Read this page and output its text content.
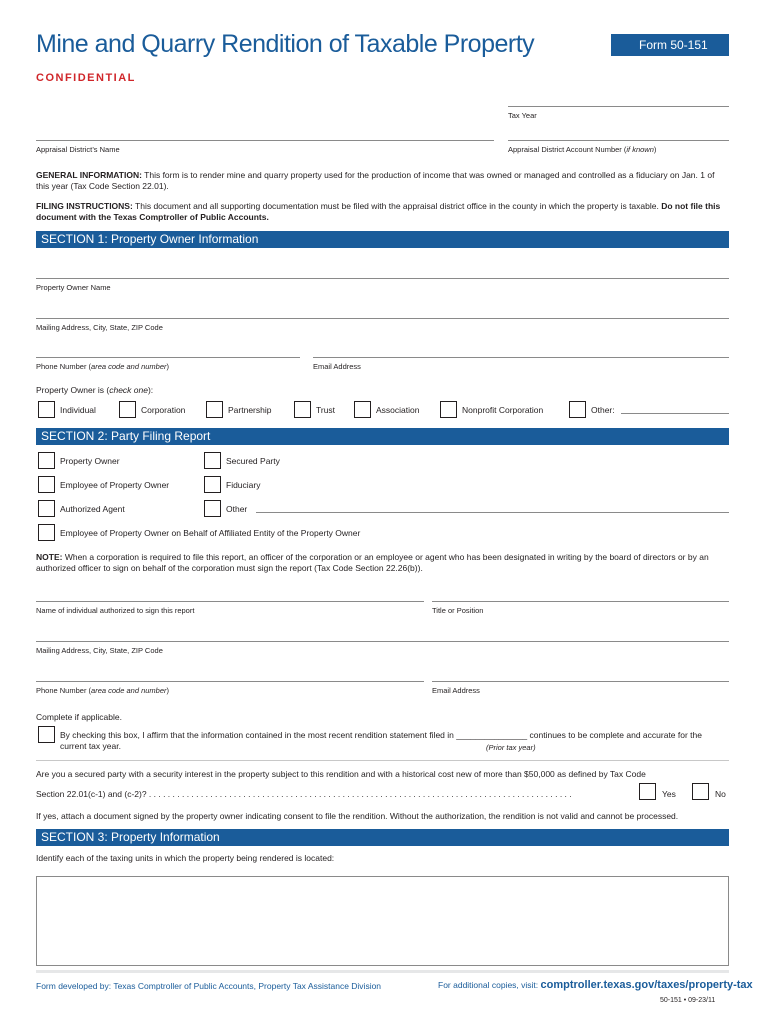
Mine and Quarry Rendition of Taxable Property	Form 50-151
CONFIDENTIAL
Tax Year
Appraisal District’s Name	Appraisal District Account Number (if known)
GENERAL INFORMATION: This form is to render mine and quarry property used for the production of income that was owned or managed and controlled as a fiduciary on Jan. 1 of this year (Tax Code Section 22.01).
FILING INSTRUCTIONS: This document and all supporting documentation must be filed with the appraisal district office in the county in which the property is taxable. Do not file this document with the Texas Comptroller of Public Accounts.
SECTION 1: Property Owner Information
Property Owner Name
Mailing Address, City, State, ZIP Code
Phone Number (area code and number)	Email Address
Property Owner is (check one):
Individual	Corporation	Partnership	Trust	Association	Nonprofit Corporation	Other:
SECTION 2: Party Filing Report
Property Owner
Employee of Property Owner
Authorized Agent
Secured Party
Fiduciary
Other
Employee of Property Owner on Behalf of Affiliated Entity of the Property Owner
NOTE: When a corporation is required to file this report, an officer of the corporation or an employee or agent who has been designated in writing by the board of directors or by an authorized officer to sign on behalf of the corporation must sign the report (Tax Code Section 22.26(b)).
Name of individual authorized to sign this report	Title or Position
Mailing Address, City, State, ZIP Code
Phone Number (area code and number)	Email Address
Complete if applicable.
By checking this box, I affirm that the information contained in the most recent rendition statement filed in _______________ continues to be complete and accurate for the current tax year.	(Prior tax year)
Are you a secured party with a security interest in the property subject to this rendition and with a historical cost new of more than $50,000 as defined by Tax Code
Section 22.01(c-1) and (c-2)? . . . . . . . . . . . . . . . . . . . . . . . . . . . . . . . . . . . . . . . . . . . . . . . . . . . . . . . . . . . . . . . . . . . . . . . . . . . . . . . . . . . . . . . . . .	Yes	No
If yes, attach a document signed by the property owner indicating consent to file the rendition. Without the authorization, the rendition is not valid and cannot be processed.
SECTION 3: Property Information
Identify each of the taxing units in which the property being rendered is located:
Form developed by: Texas Comptroller of Public Accounts, Property Tax Assistance Division	For additional copies, visit: comptroller.texas.gov/taxes/property-tax
50-151 • 09-23/11
